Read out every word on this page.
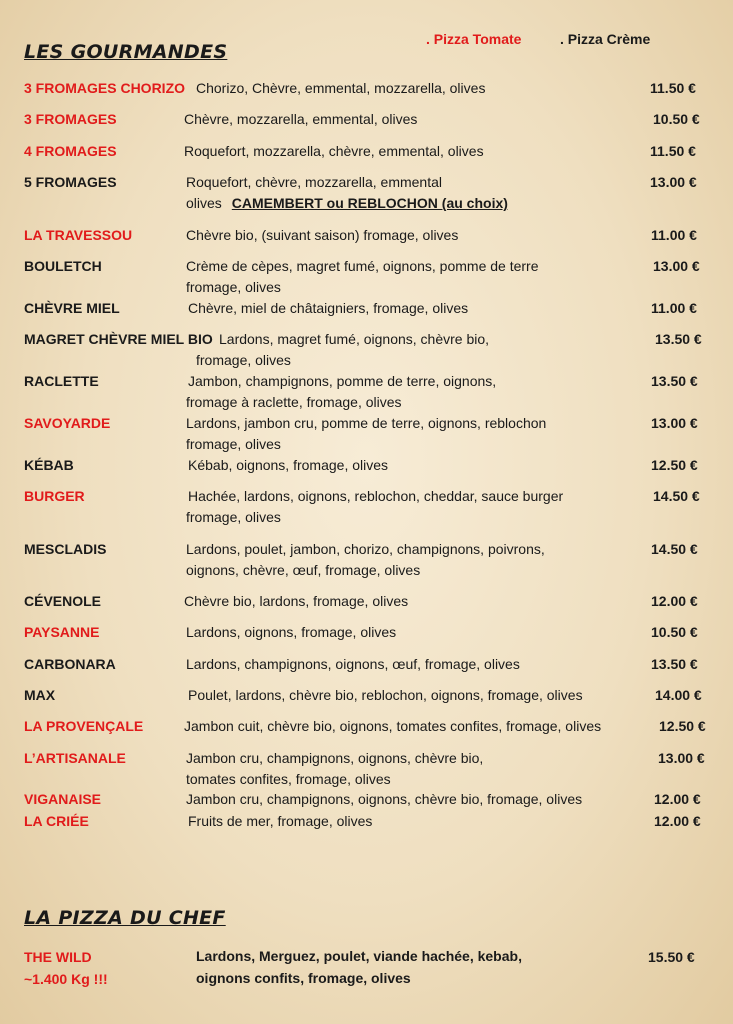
LES GOURMANDES
. Pizza Tomate	. Pizza Crème
3 FROMAGES CHORIZO Chorizo, Chèvre, emmental, mozzarella, olives	11.50 €
3 FROMAGES	Chèvre, mozzarella, emmental, olives	10.50 €
4 FROMAGES	Roquefort, mozzarella, chèvre, emmental, olives	11.50 €
5 FROMAGES	Roquefort, chèvre, mozzarella, emmental
olives CAMEMBERT ou REBLOCHON (au choix)
13.00 €
LA TRAVESSOU	Chèvre bio, (suivant saison) fromage, olives	11.00 €
BOULETCH	Crème de cèpes, magret fumé, oignons, pomme de terre
fromage, olives
13.00 €
CHÈVRE MIEL	Chèvre, miel de châtaigniers, fromage, olives	11.00 €
MAGRET CHÈVRE MIEL BIO Lardons, magret fumé, oignons, chèvre bio,
fromage, olives
13.50 €
RACLETTE	Jambon, champignons, pomme de terre, oignons,
fromage à raclette, fromage, olives
13.50 €
SAVOYARDE	Lardons, jambon cru, pomme de terre, oignons, reblochon
fromage, olives
13.00 €
KÉBAB	Kébab, oignons, fromage, olives	12.50 €
BURGER	Hachée, lardons, oignons, reblochon, cheddar, sauce burger
fromage, olives
14.50 €
MESCLADIS	Lardons, poulet, jambon, chorizo, champignons, poivrons,
oignons, chèvre, œuf, fromage, olives
14.50 €
CÉVENOLE	Chèvre bio, lardons, fromage, olives	12.00 €
PAYSANNE	Lardons, oignons, fromage, olives	10.50 €
CARBONARA	Lardons, champignons, oignons, œuf, fromage, olives	13.50 €
MAX	Poulet, lardons, chèvre bio, reblochon, oignons, fromage, olives	14.00 €
LA PROVENÇALE	Jambon cuit, chèvre bio, oignons, tomates confites, fromage, olives	12.50 €
L’ARTISANALE	Jambon cru, champignons, oignons, chèvre bio,
tomates confites, fromage, olives
13.00 €
VIGANAISE	Jambon cru, champignons, oignons, chèvre bio, fromage, olives	12.00 €
LA CRIÉE	Fruits de mer, fromage, olives	12.00 €
LA PIZZA DU CHEF
THE WILD
~1.400 Kg !!!
Lardons, Merguez, poulet, viande hachée, kebab,
oignons confits, fromage, olives
15.50 €
